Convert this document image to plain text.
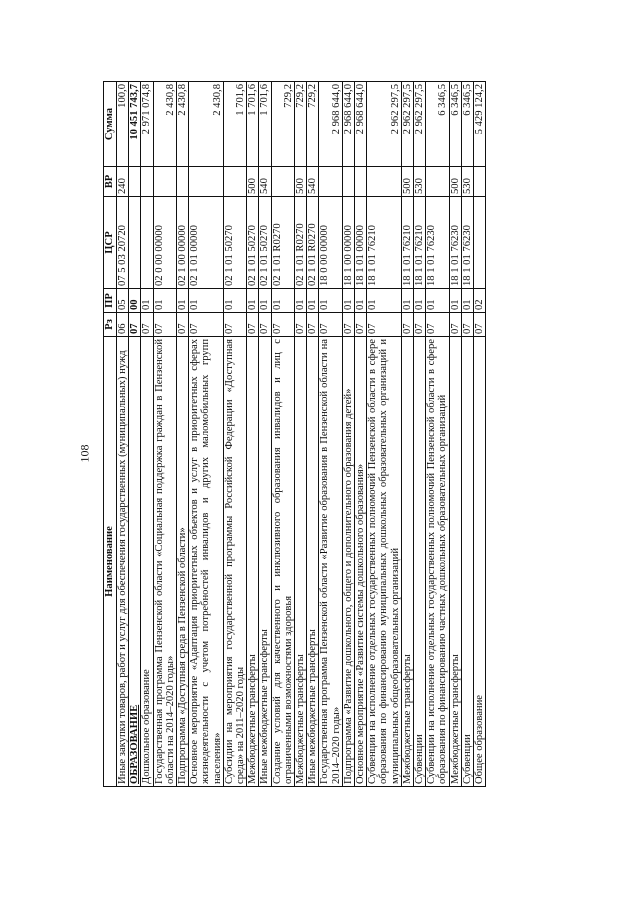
108
Наименование	Рз	ПР	ЦСР	ВР	Сумма
Иные закупки товаров, работ и услуг для обеспечения государственных (муниципальных) нужд	06	05	07 5 03 20720	240	100,0
ОБРАЗОВАНИЕ	07	00			10 451 743,7
Дошкольное образование	07	01			2 971 074,8
Государственная программа Пензенской области «Социальная поддержка граждан в Пензенской области на 2014–2020 годы»	07	01	02 0 00 00000		2 430,8
Подпрограмма «Доступная среда в Пензенской области»	07	01	02 1 00 00000		2 430,8
Основное мероприятие «Адаптация приоритетных объектов и услуг в приоритетных сферах жизнедеятельности с учетом потребностей инвалидов и других маломобильных групп населения»	07	01	02 1 01 00000		2 430,8
Субсидии на мероприятия государственной программы Российской Федерации «Доступная среда» на 2011–2020 годы	07	01	02 1 01 50270		1 701,6
Межбюджетные трансферты	07	01	02 1 01 50270	500	1 701,6
Иные межбюджетные трансферты	07	01	02 1 01 50270	540	1 701,6
Создание условий для качественного и инклюзивного образования инвалидов и лиц с ограниченными возможностями здоровья	07	01	02 1 01 R0270		729,2
Межбюджетные трансферты	07	01	02 1 01 R0270	500	729,2
Иные межбюджетные трансферты	07	01	02 1 01 R0270	540	729,2
Государственная программа Пензенской области «Развитие образования в Пензенской области на 2014–2020 годы»	07	01	18 0 00 00000		2 968 644,0
Подпрограмма «Развитие дошкольного, общего и дополнительного образования детей»	07	01	18 1 00 00000		2 968 644,0
Основное мероприятие «Развитие системы дошкольного образования»	07	01	18 1 01 00000		2 968 644,0
Субвенции на исполнение отдельных государственных полномочий Пензенской области в сфере образования по финансированию муниципальных дошкольных образовательных организаций и муниципальных общеобразовательных организаций	07	01	18 1 01 76210		2 962 297,5
Межбюджетные трансферты	07	01	18 1 01 76210	500	2 962 297,5
Субвенции	07	01	18 1 01 76210	530	2 962 297,5
Субвенции на исполнение отдельных государственных полномочий Пензенской области в сфере образования по финансированию частных дошкольных образовательных организаций	07	01	18 1 01 76230		6 346,5
Межбюджетные трансферты	07	01	18 1 01 76230	500	6 346,5
Субвенции	07	01	18 1 01 76230	530	6 346,5
Общее образование	07	02			5 429 124,2
